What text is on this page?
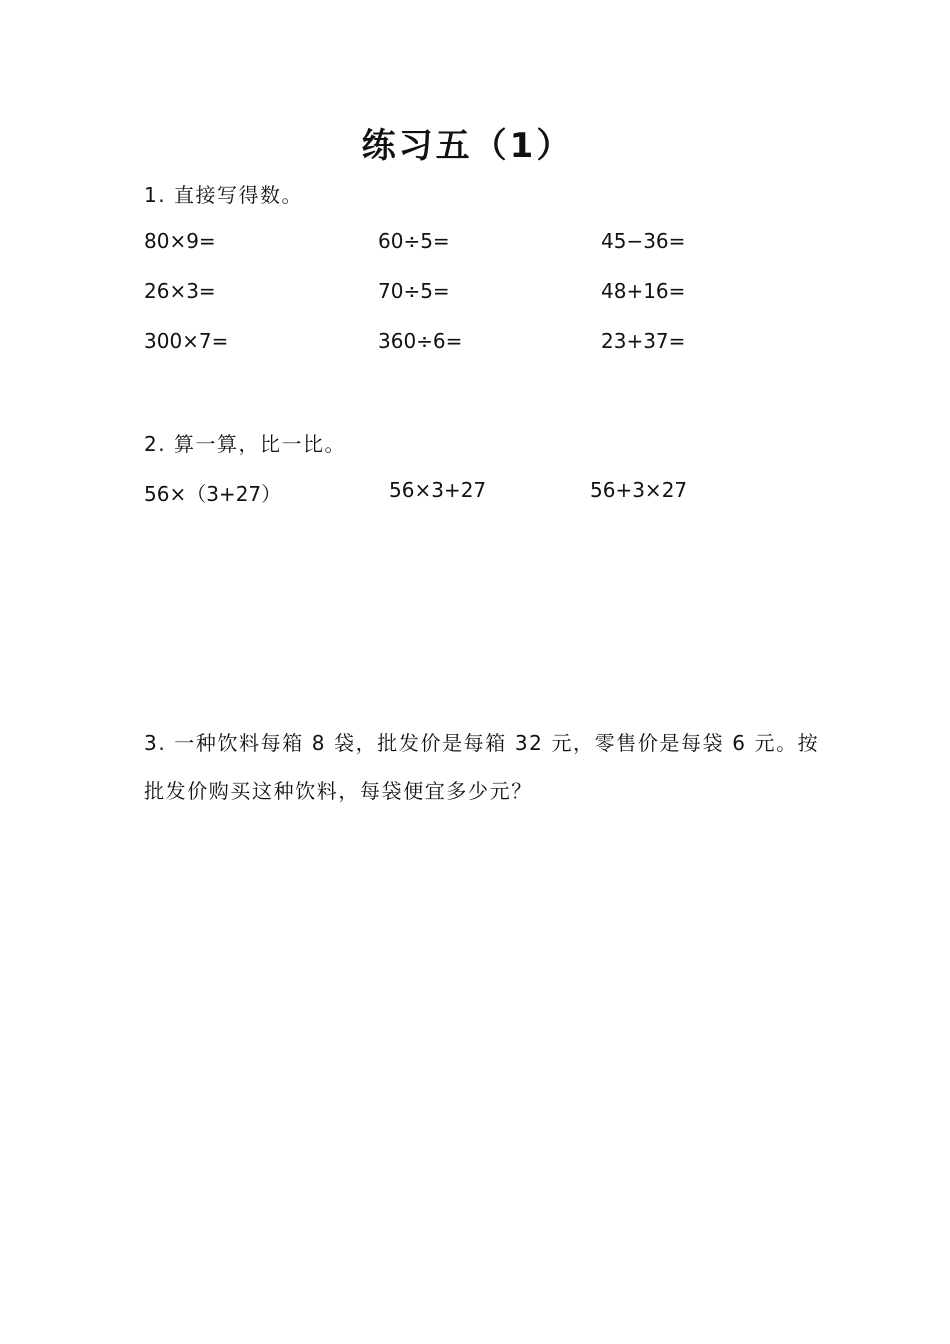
练习五（1）
1. 直接写得数。
80×9=	60÷5=	45−36=
26×3=	70÷5=	48+16=
300×7=	360÷6=	23+37=
2. 算一算，比一比。
56×（3+27）	56×3+27	56+3×27
3. 一种饮料每箱 8 袋，批发价是每箱 32 元，零售价是每袋 6 元。按
批发价购买这种饮料，每袋便宜多少元？
